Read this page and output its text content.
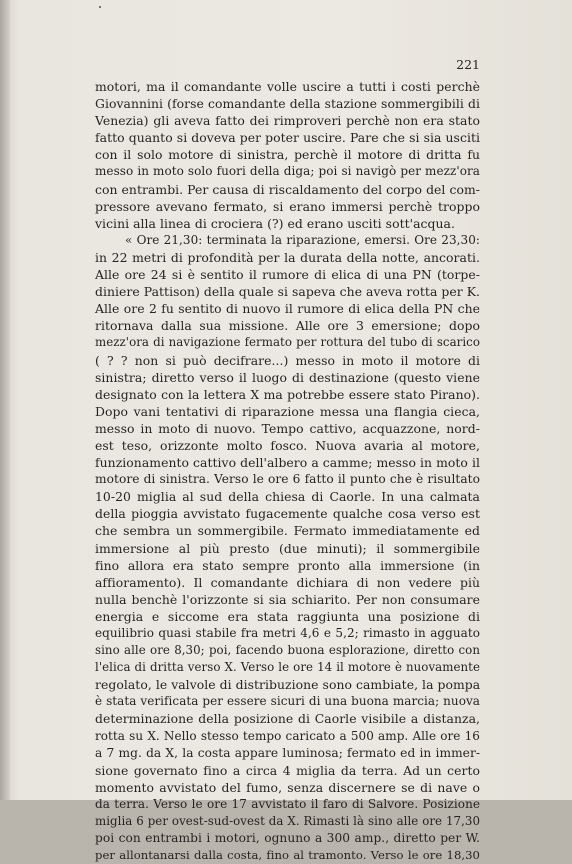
221
motori, ma il comandante volle uscire a tutti i costi perchè
Giovannini (forse comandante della stazione sommergibili di
Venezia) gli aveva fatto dei rimproveri perchè non era stato
fatto quanto si doveva per poter uscire. Pare che si sia usciti
con il solo motore di sinistra, perchè il motore di dritta fu
messo in moto solo fuori della diga; poi si navigò per mezz'ora
con entrambi. Per causa di riscaldamento del corpo del com-
pressore avevano fermato, si erano immersi perchè troppo
vicini alla linea di crociera (?) ed erano usciti sott'acqua.
« Ore 21,30: terminata la riparazione, emersi. Ore 23,30:
in 22 metri di profondità per la durata della notte, ancorati.
Alle ore 24 si è sentito il rumore di elica di una PN (torpe-
diniere Pattison) della quale si sapeva che aveva rotta per K.
Alle ore 2 fu sentito di nuovo il rumore di elica della PN che
ritornava dalla sua missione. Alle ore 3 emersione; dopo
mezz'ora di navigazione fermato per rottura del tubo di scarico
( ? ? non si può decifrare...) messo in moto il motore di
sinistra; diretto verso il luogo di destinazione (questo viene
designato con la lettera X ma potrebbe essere stato Pirano).
Dopo vani tentativi di riparazione messa una flangia cieca,
messo in moto di nuovo. Tempo cattivo, acquazzone, nord-
est teso, orizzonte molto fosco. Nuova avaria al motore,
funzionamento cattivo dell'albero a camme; messo in moto il
motore di sinistra. Verso le ore 6 fatto il punto che è risultato
10-20 miglia al sud della chiesa di Caorle. In una calmata
della pioggia avvistato fugacemente qualche cosa verso est
che sembra un sommergibile. Fermato immediatamente ed
immersione al più presto (due minuti); il sommergibile
fino allora era stato sempre pronto alla immersione (in
affioramento). Il comandante dichiara di non vedere più
nulla benchè l'orizzonte si sia schiarito. Per non consumare
energia e siccome era stata raggiunta una posizione di
equilibrio quasi stabile fra metri 4,6 e 5,2; rimasto in agguato
sino alle ore 8,30; poi, facendo buona esplorazione, diretto con
l'elica di dritta verso X. Verso le ore 14 il motore è nuovamente
regolato, le valvole di distribuzione sono cambiate, la pompa
è stata verificata per essere sicuri di una buona marcia; nuova
determinazione della posizione di Caorle visibile a distanza,
rotta su X. Nello stesso tempo caricato a 500 amp. Alle ore 16
a 7 mg. da X, la costa appare luminosa; fermato ed in immer-
sione governato fino a circa 4 miglia da terra. Ad un certo
momento avvistato del fumo, senza discernere se di nave o
da terra. Verso le ore 17 avvistato il faro di Salvore. Posizione
miglia 6 per ovest-sud-ovest da X. Rimasti là sino alle ore 17,30
poi con entrambi i motori, ognuno a 300 amp., diretto per W.
per allontanarsi dalla costa, fino al tramonto. Verso le ore 18,30
